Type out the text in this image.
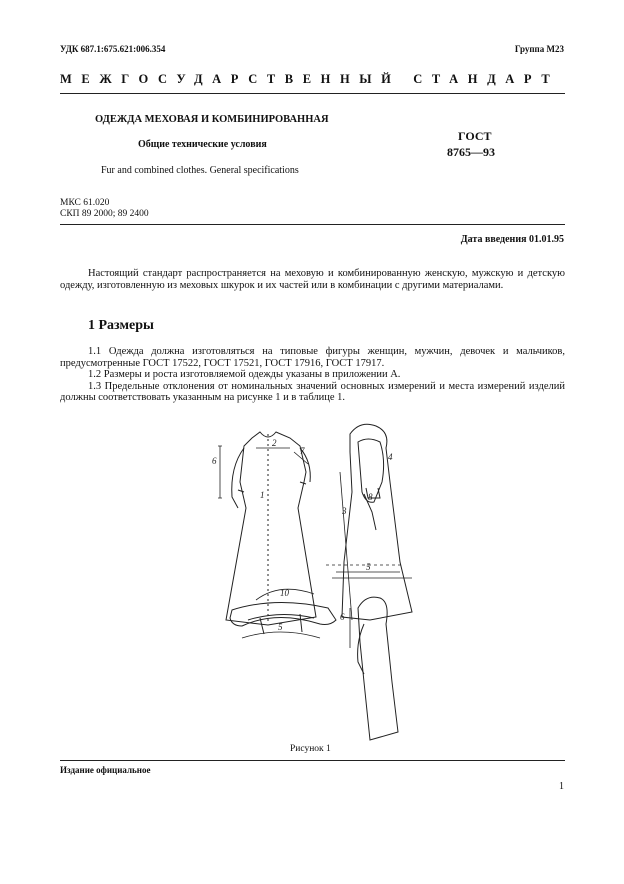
УДК 687.1:675.621:006.354	Группа М23
МЕЖГОСУДАРСТВЕННЫЙ СТАНДАРТ
ОДЕЖДА МЕХОВАЯ И КОМБИНИРОВАННАЯ
Общие технические условия
Fur and combined clothes. General specifications
ГОСТ
8765—93
МКС 61.020
СКП 89 2000; 89 2400
Дата введения 01.01.95

Настоящий стандарт распространяется на меховую и комбинированную женскую, мужскую и детскую одежду, изготовленную из меховых шкурок и их частей или в комбинации с другими материалами.

1 Размеры

1.1 Одежда должна изготовляться на типовые фигуры женщин, мужчин, девочек и мальчиков, предусмотренные ГОСТ 17522, ГОСТ 17521, ГОСТ 17916, ГОСТ 17917.

1.2 Размеры и роста изготовляемой одежды указаны в приложении А.

1.3 Предельные отклонения от номинальных значений основных измерений и места измерений изделий должны соответствовать указанным на рисунке 1 и в таблице 1.

6
1
2
7
4
8
3
5
10
5
6
Рисунок 1
Издание официальное
1
